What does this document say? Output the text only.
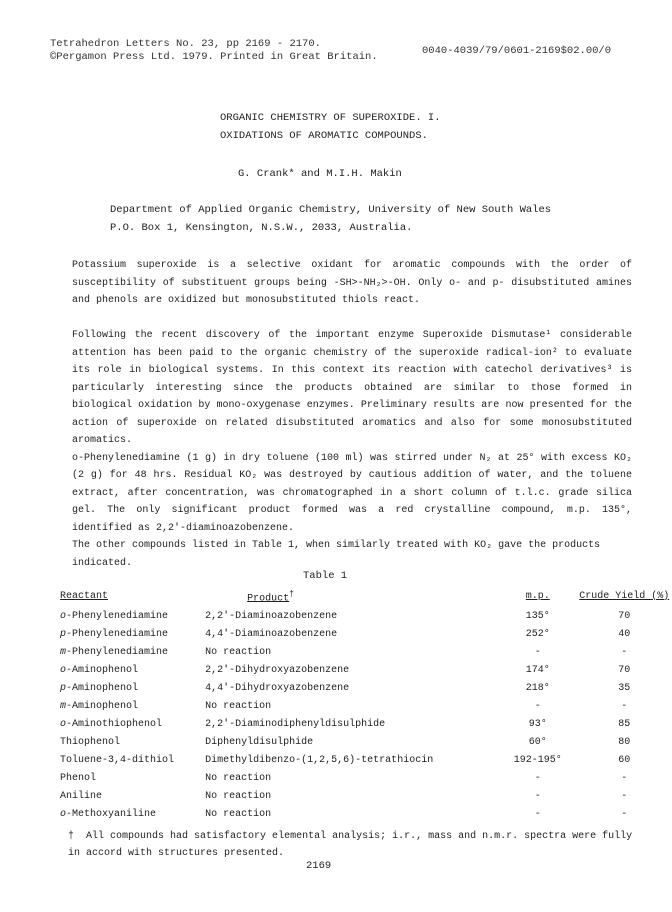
Tetrahedron Letters No. 23, pp 2169 - 2170.
©Pergamon Press Ltd. 1979. Printed in Great Britain.	0040-4039/79/0601-2169$02.00/0
ORGANIC CHEMISTRY OF SUPEROXIDE. I.
OXIDATIONS OF AROMATIC COMPOUNDS.
G. Crank* and M.I.H. Makin
Department of Applied Organic Chemistry, University of New South Wales
P.O. Box 1, Kensington, N.S.W., 2033, Australia.

Potassium superoxide is a selective oxidant for aromatic compounds with the order of susceptibility of substituent groups being -SH>-NH₂>-OH. Only o- and p- disubstituted amines and phenols are oxidized but monosubstituted thiols react.

Following the recent discovery of the important enzyme Superoxide Dismutase¹ considerable attention has been paid to the organic chemistry of the superoxide radical-ion² to evaluate its role in biological systems. In this context its reaction with catechol derivatives³ is particularly interesting since the products obtained are similar to those formed in biological oxidation by mono-oxygenase enzymes. Preliminary results are now presented for the action of superoxide on related disubstituted aromatics and also for some monosubstituted aromatics.

o-Phenylenediamine (1 g) in dry toluene (100 ml) was stirred under N₂ at 25° with excess KO₂ (2 g) for 48 hrs. Residual KO₂ was destroyed by cautious addition of water, and the toluene extract, after concentration, was chromatographed in a short column of t.l.c. grade silica gel. The only significant product formed was a red crystalline compound, m.p. 135°, identified as 2,2'-diaminoazobenzene.

The other compounds listed in Table 1, when similarly treated with KO₂ gave the products indicated.

Table 1
Reactant	Product†	m.p.	Crude Yield (%)
o-Phenylenediamine	2,2'-Diaminoazobenzene	135°	70
p-Phenylenediamine	4,4'-Diaminoazobenzene	252°	40
m-Phenylenediamine	No reaction	-	-
o-Aminophenol	2,2'-Dihydroxyazobenzene	174°	70
p-Aminophenol	4,4'-Dihydroxyazobenzene	218°	35
m-Aminophenol	No reaction	-	-
o-Aminothiophenol	2,2'-Diaminodiphenyldisulphide	93°	85
Thiophenol	Diphenyldisulphide	60°	80
Toluene-3,4-dithiol	Dimethyldibenzo-(1,2,5,6)-tetrathiocin	192-195°	60
Phenol	No reaction	-	-
Aniline	No reaction	-	-
o-Methoxyaniline	No reaction	-	-
† All compounds had satisfactory elemental analysis; i.r., mass and n.m.r. spectra were fully in accord with structures presented.
2169
